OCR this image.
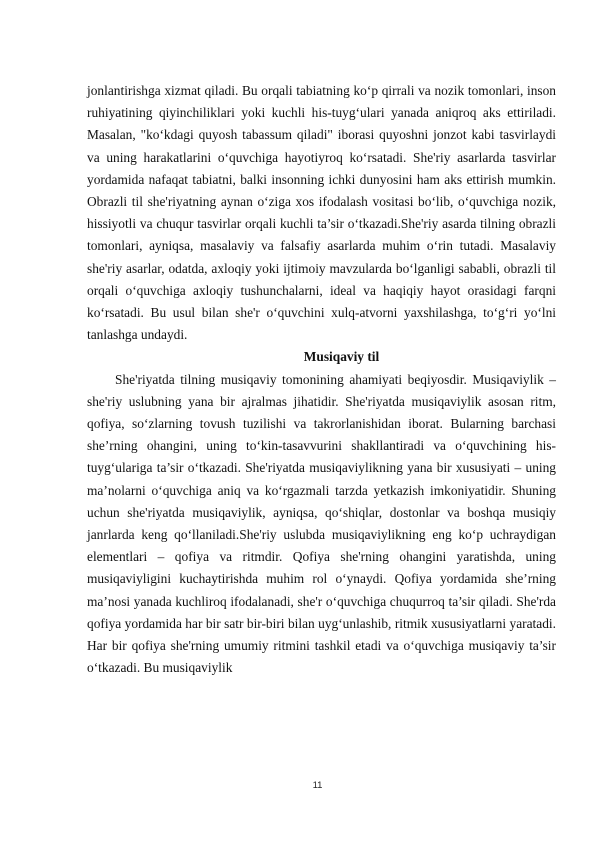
jonlantirishga xizmat qiladi. Bu orqali tabiatning ko‘p qirrali va nozik tomonlari, inson ruhiyatining qiyinchiliklari yoki kuchli his-tuyg‘ulari yanada aniqroq aks ettiriladi. Masalan, "ko‘kdagi quyosh tabassum qiladi" iborasi quyoshni jonzot kabi tasvirlaydi va uning harakatlarini o‘quvchiga hayotiyroq ko‘rsatadi. She'riy asarlarda tasvirlar yordamida nafaqat tabiatni, balki insonning ichki dunyosini ham aks ettirish mumkin. Obrazli til she'riyatning aynan o‘ziga xos ifodalash vositasi bo‘lib, o‘quvchiga nozik, hissiyotli va chuqur tasvirlar orqali kuchli ta’sir o‘tkazadi.She'riy asarda tilning obrazli tomonlari, ayniqsa, masalaviy va falsafiy asarlarda muhim o‘rin tutadi. Masalaviy she'riy asarlar, odatda, axloqiy yoki ijtimoiy mavzularda bo‘lganligi sababli, obrazli til orqali o‘quvchiga axloqiy tushunchalarni, ideal va haqiqiy hayot orasidagi farqni ko‘rsatadi. Bu usul bilan she'r o‘quvchini xulq-atvorni yaxshilashga, to‘g‘ri yo‘lni tanlashga undaydi.

Musiqaviy til

She'riyatda tilning musiqaviy tomonining ahamiyati beqiyosdir. Musiqaviylik – she'riy uslubning yana bir ajralmas jihatidir. She'riyatda musiqaviylik asosan ritm, qofiya, so‘zlarning tovush tuzilishi va takrorlanishidan iborat. Bularning barchasi she’rning ohangini, uning to‘kin-tasavvurini shakllantiradi va o‘quvchining his-tuyg‘ulariga ta’sir o‘tkazadi. She'riyatda musiqaviylikning yana bir xususiyati – uning ma’nolarni o‘quvchiga aniq va ko‘rgazmali tarzda yetkazish imkoniyatidir. Shuning uchun she'riyatda musiqaviylik, ayniqsa, qo‘shiqlar, dostonlar va boshqa musiqiy janrlarda keng qo‘llaniladi.She'riy uslubda musiqaviylikning eng ko‘p uchraydigan elementlari – qofiya va ritmdir. Qofiya she'rning ohangini yaratishda, uning musiqaviyligini kuchaytirishda muhim rol o‘ynaydi. Qofiya yordamida she’rning ma’nosi yanada kuchliroq ifodalanadi, she'r o‘quvchiga chuqurroq ta’sir qiladi. She'rda qofiya yordamida har bir satr bir-biri bilan uyg‘unlashib, ritmik xususiyatlarni yaratadi. Har bir qofiya she'rning umumiy ritmini tashkil etadi va o‘quvchiga musiqaviy ta’sir o‘tkazadi. Bu musiqaviylik

11
